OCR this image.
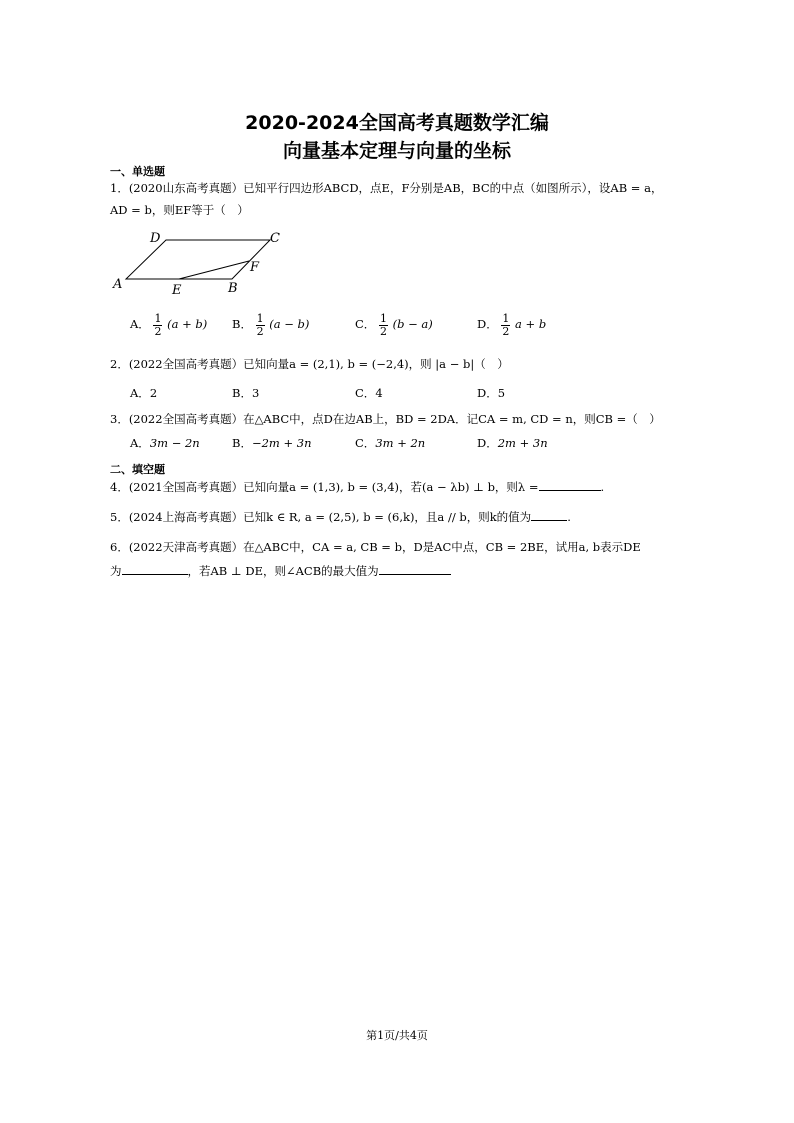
2020-2024全国高考真题数学汇编
向量基本定理与向量的坐标
一、单选题
1．(2020山东高考真题）已知平行四边形ABCD，点E，F分别是AB，BC的中点（如图所示），设AB = a，
AD = b，则EF等于（　）
A
D	C
F
E	B
A． $\frac{1}{2} (a + b)$ B． $\frac{1}{2} (a - b)$	C． $\frac{1}{2} (b - a)$	D． $\frac{1}{2}$ a + b
2．(2022全国高考真题）已知向量a = (2,1), b = (−2,4)，则 |a − b|（　）
A．2	B．3	C．4	D．5
3．(2022全国高考真题）在△ABC中，点D在边AB上，BD = 2DA．记CA = m, CD = n，则CB =（　）
A．3m − 2n	B．−2m + 3n	C．3m + 2n	D．2m + 3n
二、填空题
4．(2021全国高考真题）已知向量a = (1,3), b = (3,4)，若(a − λb) ⊥ b，则λ =	.
5．(2024上海高考真题）已知k ∈ R, a = (2,5), b = (6,k)，且a // b，则k的值为	.
6．(2022天津高考真题）在△ABC中，CA = a, CB = b，D是AC中点，CB = 2BE，试用a, b表示DE
为	，若AB ⊥ DE，则∠ACB的最大值为
第1页/共4页
